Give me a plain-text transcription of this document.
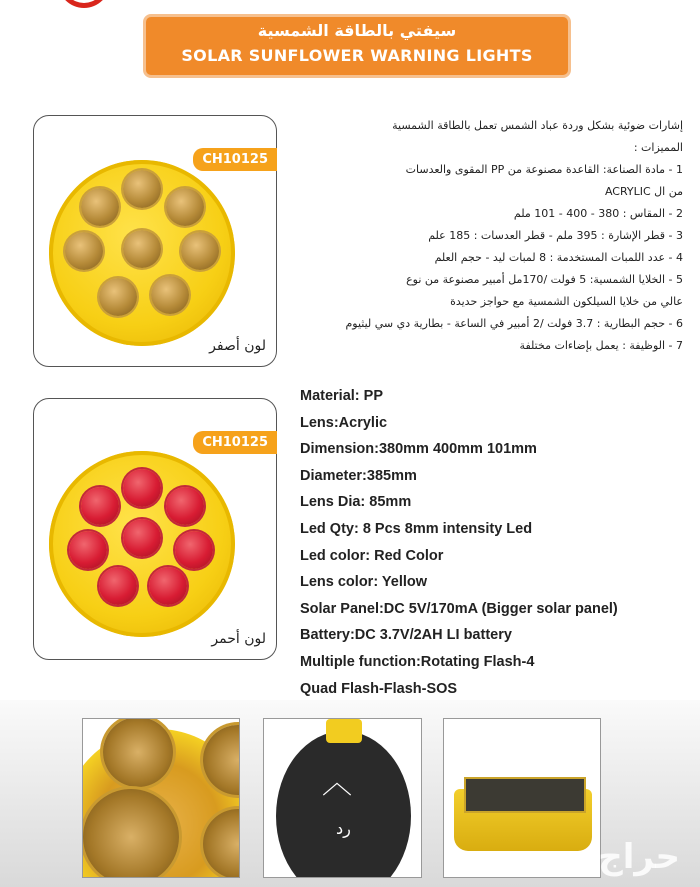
سيفتي بالطاقة الشمسية
SOLAR SUNFLOWER WARNING LIGHTS
CH10125
لون أصفر
CH10125
لون أحمر
إشارات ضوئية بشكل وردة عباد الشمس تعمل بالطاقة الشمسية
المميزات :
1 - مادة الصناعة: القاعدة مصنوعة من PP المقوى والعدسات
من ال ACRYLIC
2 - المقاس : 380 - 400 - 101 ملم
3 - قطر الإشارة : 395 ملم - قطر العدسات : 185 علم
4 - عدد اللمبات المستخدمة : 8 لمبات ليد - حجم العلم
5 - الخلايا الشمسية: 5 فولت /170مل أمبير مصنوعة من نوع
عالي من خلايا السيلكون الشمسية مع حواجز حديدة
6 - حجم البطارية : 3.7 فولت /2 أمبير في الساعة - بطارية دي سي ليثيوم
7 - الوظيفة : يعمل بإضاءات مختلفة
Material: PP
Lens:Acrylic
Dimension:380mm 400mm 101mm
Diameter:385mm
Lens Dia: 85mm
Led Qty: 8 Pcs 8mm intensity Led
Led color: Red Color
Lens color: Yellow
Solar Panel:DC 5V/170mA (Bigger solar panel)
Battery:DC 3.7V/2AH LI battery
Multiple function:Rotating Flash-4
Quad Flash-Flash-SOS
︿
رد
حراج
